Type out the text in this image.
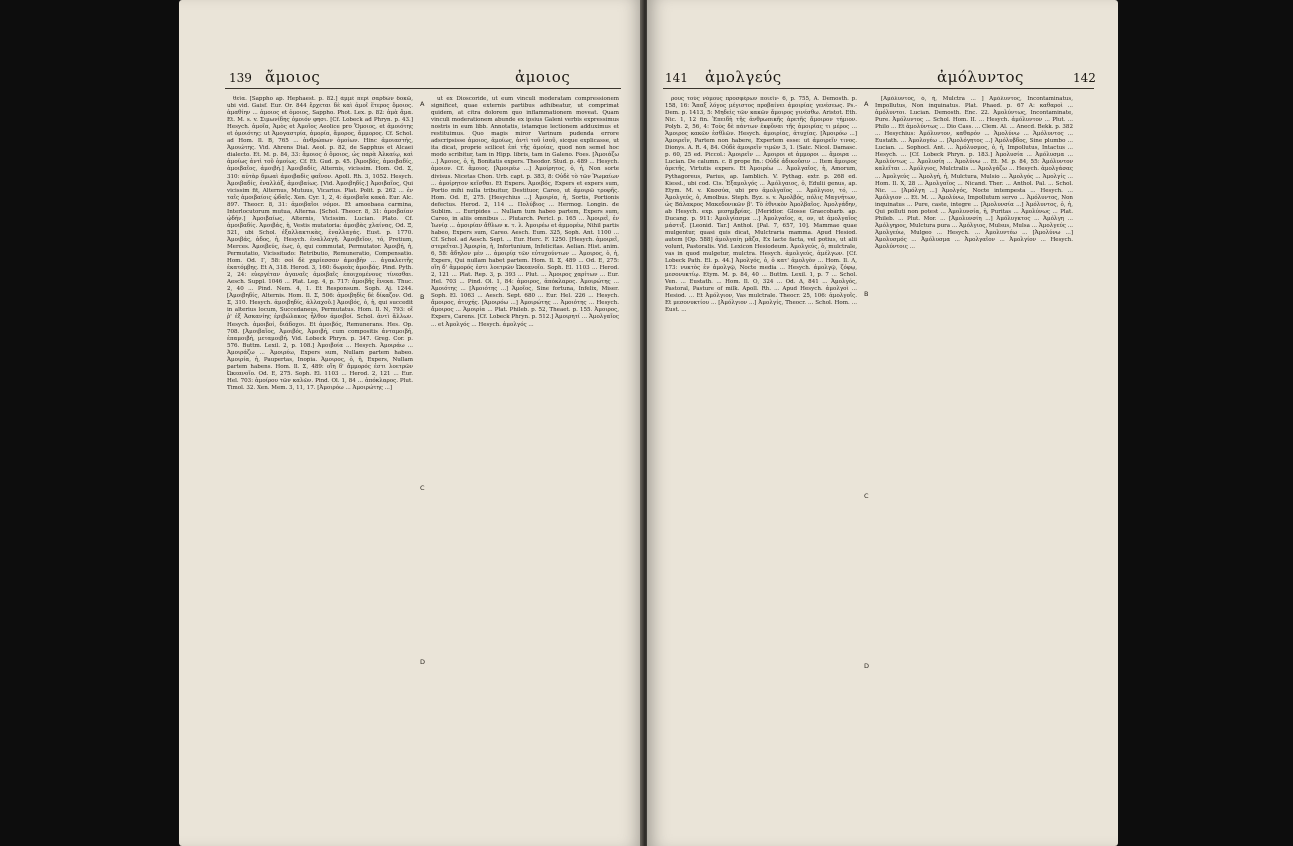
139 ἄμοιος	ἀμοιος

θεῖα. [Sappho ap. Hephaest. p. 82.] ἀμμὲ περὶ σαρδὼν δοκῶ, ubi vid. Gaisf. Eur. Or. 844 ἔρχεται δὲ καὶ ἀμοῖ ἕτερος ὅμοιος. ἀμαθίην ... ἀμοιος et ὁμοιος, Sappho. Phot. Lex. p. 82: ἀμὰ ἅμα. Et. M. s. v. Σιμωνίδης ὁμοιόν φησι. [Cf. Lobeck ad Phryn. p. 43.] Hesych. ἀμοῖα, Ἀμὸς et Ἀμοῖος Aeolice pro Ὅμοιος, et ἀμοιότης et ὁμοιότης: ut Ἀμογαστρία, ἀμορία, ἄμορος, ἄμμορος. Cf. Schol. ad Hom. Il. Β, 765 ... ἀνθρώπων ὁμοίων. Hinc ἀμοιαστής, Ἀμοιώτης. Vid. Ahrens Dial. Aeol. p. 82, de Sapphus et Alcaei dialecto. Et. M. p. 84, 33: ἄμοιος ὁ ὅμοιος, ὡς παρὰ Ἀλκαίῳ, καὶ ἀμοίως ἀντὶ τοῦ ὁμοίως. Cf. Et. Gud. p. 45. [Ἀμοιβάς, ἀμοιβαδίς, ἀμοιβαῖος, ἀμοιβή.] Ἀμοιβαδίς, Alternis, vicissim. Hom. Od. Σ, 310: αὐτὰρ δμωαὶ ἀμοιβαδὶς φαῖνον. Apoll. Rh. 3, 1052. Hesych. Ἀμοιβαδίς, ἐναλλάξ, ἀμοιβαίως. [Vid. Ἀμοιβηδίς.] Ἀμοιβαῖος, Qui vicissim fit, Alternus, Mutuus, Vicarius. Plat. Polit. p. 262 ... ἐν ταῖς ἀμοιβαίοις ᾠδαῖς. Xen. Cyr. 1, 2, 4: ἀμοιβαῖα κακά. Eur. Alc. 897. Theocr. 8, 31: ἀμοιβαῖοι νόμοι. Et amoebaea carmina, Interlocutorum mutua, Alterna. [Schol. Theocr. 8, 31: ἀμοιβαίαν ᾠδήν.] Ἀμοιβαίως, Alternis, Vicissim. Lucian. Plato. Cf. ἀμοιβαδίς. Ἀμοιβάς, ἡ, Vestis mutatoria: ἀμοιβὰς χλαίνας, Od. Ξ, 521, ubi Schol. ἐξαλλακτικὰς, ἐναλλαγάς. Eust. p. 1770. Ἀμοιβάς, ἀδος, ἡ, Hesych. ἐναλλαγή. Ἀμοιβεῖον, τό, Pretium, Merces. Ἀμοιβεύς, έως, ὁ, qui commutat, Permutator. Ἀμοιβή, ἡ, Permutatio, Vicissitudo: Retributio, Remuneratio, Compensatio. Hom. Od. Γ, 58: σοὶ δὲ χαρίεσσαν ἀμοιβὴν ... ἀγακλειτῆς ἑκατόμβης. Et Α, 318. Herod. 3, 160: δωρεὰς ἀμοιβάς. Pind. Pyth. 2, 24: εὐεργέταν ἀγαναῖς ἀμοιβαῖς ἐποιχομένους τίνεσθαι. Aesch. Suppl. 1046 ... Plat. Leg. 4, p. 717: ἀμοιβῆς ἕνεκα. Thuc. 2, 40 ... Pind. Nem. 4, 1. Et Responsum. Soph. Aj. 1244. [Ἀμοιβηδίς, Alternis. Hom. Il. Σ, 506: ἀμοιβηδὶς δὲ δίκαζον. Od. Σ, 310. Hesych. ἀμοιβηδίς, ἀλλαχοῦ.] Ἀμοιβός, ὁ, ἡ, qui succedit in alterius locum, Succedaneus, Permutatus. Hom. Il. Ν, 793: οἳ ῥ' ἐξ Ἀσκανίης ἐριβώλακος ἦλθον ἀμοιβοί. Schol. ἀντὶ ἄλλων. Hesych. ἀμοιβοί, διάδοχοι. Et ἀμοιβός, Remunerans. Hes. Op. 708. [Ἀμοιβαῖος, Ἀμοιβός, Ἀμοιβή, cum compositis ἀνταμοιβή, ἐπαμοιβή, μεταμοιβή. Vid. Lobeck Phryn. p. 347. Greg. Cor. p. 576. Buttm. Lexil. 2, p. 108.] Ἀμοιβοία ... Hesych. Ἀμοιράω ... Ἀμοιράζω ... Ἀμοιρέω, Expers sum, Nullam partem habeo. Ἀμοιρία, ἡ, Paupertas, Inopia. Ἀμοιρος, ὁ, ἡ, Expers, Nullam partem habens. Hom. Il. Σ, 489: οἴη δ' ἄμμορός ἐστι λοετρῶν Ὠκεανοῖο. Od. Ε, 275. Soph. El. 1103 ... Herod. 2, 121 ... Eur. Hel. 703: ἀμοίρου τῶν καλῶν. Pind. Ol. 1, 84 ... ἀπόκλαρος. Plut. Timol. 32. Xen. Mem. 3, 11, 17. [Ἀμοιρόω ... Ἀμοιρώτης ...]

ut ex Dioscoride, ut eum vinculi moderatam compressionem significet, quae externis partibus adhibeatur, ut comprimat quidem, at citra dolorem quo inflammationem moveat. Quam vinculi moderationem abunde ex ipsius Galeni verbis expressimus nostris in eum libb. Annotatis, istamque lectionem adduximus et restituimus. Quo magis miror Varinum pudenda errore adscripsisse ἀμοιος, ἀμοίως, ἀντὶ τοῦ ἰσοῦ, sicque explicasse, ut ita dicat, proprie scilicet ἐπὶ τῆς ἀμοίας, quod non semel hoc modo scribitur, tam in Hipp. libris, tam in Galeno. Foes. [Ἀμοιάζω ...] Ἀμοιος, ὁ, ἡ, Bonitatis expers. Theodor. Stud. p. 489 ... Hesych. ἀμοιον. Cf. ἄμοιος. [Ἀμοιρέω ...] Ἀμοίρητος, ὁ, ἡ, Non sorte divisus. Nicetas Chon. Urb. capt. p. 383, 8: Οὐδὲ τὸ τῶν Ῥωμαίων ... ἀμοίρητον κεῖσθαι. Et Expers. Ἀμοιβός, Expers et expers sum, Portio mihi nulla tribuitur, Destituor, Careo, ut ἀμοιρῶ τροφῆς. Hom. Od. Ε, 275. [Hesychius ...] Ἀμοιρία, ἡ, Sortis, Portionis defectus. Herod. 2, 114 ... Πολύβιος ... Hermog. Longin. de Sublim. ... Euripides ... Nullam tum habeo partem, Expers sum, Careo, in aliis omnibus ... Plutarch. Pericl. p. 165 ... Ἀμοιρεῖ, ἐν Ἰωνίᾳ ... ἀμοιρίαν ἄθλων κ. τ. λ. Ἀμοιρέω et ἀμμορέω, Nihil partis habeo, Expers sum, Careo. Aesch. Eum. 325, Soph. Ant. 1100 ... Cf. Schol. ad Aesch. Sept. ... Eur. Herc. F. 1250. [Hesych. ἀμοιρεῖ, στερεῖται.] Ἀμοιρία, ἡ, Infortunium, Infelicitas. Aelian. Hist. anim. 6, 58: ἄδηλον μὲν ... ἀμοιρίᾳ τῶν εὐτυχούντων ... Ἀμοιρος, ὁ, ἡ, Expers, Qui nullam habet partem. Hom. Il. Σ, 489 ... Od. Ε, 275: οἴη δ' ἄμμορός ἐστι λοετρῶν Ὠκεανοῖο. Soph. El. 1103 ... Herod. 2, 121 ... Plat. Rep. 3, p. 393 ... Plut. ... Ἀμοιρος χαρίτων ... Eur. Hel. 703 ... Pind. Ol. 1, 84: ἀμοιρος, ἀπόκλαρος. Ἀμοιρώτης ... Ἀμοιότης ... [Ἀμοιότης ...] Ἀμοῖος, Sine fortuna, Infelix, Miser. Soph. El. 1063 ... Aesch. Sept. 680 ... Eur. Hel. 226 ... Hesych. ἄμοιρος, ἀτυχής. [Ἀμοιρόω ...] Ἀμοιρώτης ... Ἀμοιότης ... Hesych. ἄμοιρος ... Ἀμοιρία ... Plat. Phileb. p. 52, Theaet. p. 155. Ἀμοιρος, Expers, Carens. [Cf. Lobeck Phryn. p. 512.] Ἀμοιρητί ... Ἀμολγαῖος ... et Ἀμολγός ... Hesych. ἀμολγός ...

A
B
C
D
141 ἀμολγεύς	ἀμόλυντος	142

ρους τοὺς νόμους προσφέρων ποιεῖν· 6, p. 755, A. Demosth. p. 158, 16: Ἅπαξ λόγος μέγιστος προβαίνει ἀμοιρίας γενέσεως. Ps.-Dem. p. 1413, 5: Μηδεὶς τῶν κακῶν ἄμοιρος γινέσθω. Aristot. Eth. Nic. 1, 12 fin. Ἐπειδὴ τῆς ἀνθρωπικῆς ἀρετῆς ἄμοιρον τήμιον. Polyb. 2, 56, 4: Τοὺς δὲ πάντων ἐκφῦναι τῆς ἀμοιρίας τι μέρος ... Ἄμοιρος κακῶν ἐσθλῶν. Hesych. ἀμοιρίας, ἀτυχίας. [Ἀμοιρόω ...] Ἀμοιρεῖν, Partem non habere, Expertem esse: ut ἀμοιρεῖν τινος. Dionys. A. R. 4, 84. Οὐδὲ ἀμοιρεῖν τιμῶν 3, 1. (Saic. Nicol. Damasc. p. 60, 25 ed. Piccol.: Ἀμοιρεῖν ... Ἀμοιροι et ἀμμοροι ... ἄμοιρα ... Lucian. De calumn. c. 8 prope fin.: Οὐδὲ ἀδικοῦσιν ... Item ἄμοιρος ἀρετῆς, Virtutis expers. Et Ἀμοιρέω ... Ἀμολγαῖος, ἡ, Amorum, Pythagoreus, Parius, ap. Iamblich. V. Pythag. extr. p. 268 ed. Kiessl., ubi cod. Cis. Ἐξαμολγός ... Ἀμόλγαιος, ὁ, Edulii genus, ap. Etym. M. v. Κασσύα, ubi pro ἀμολγαῖος ... Ἀμόλγιον, τό, ... Ἀμολγεύς, ὁ, Amolbus. Steph. Byz. s. v. Ἀμολβός, πόλις Μαγνήτων, ὡς Βάλακρος Μακεδονικῶν β'. Τὸ ἐθνικὸν Ἀμολβαῖος. Ἀμολγάδην, ab Hesych. exp. μεσημβρίας. [Meridior. Glosse Graecobarb. ap. Ducang. p. 911: Ἀμολγίασμα ...] Ἀμολγαῖος, α, ον, ut ἀμολγαῖος μάστιξ. [Leonid. Tar.] Anthol. [Pal. 7, 657, 10]. Mammae quae mulgentur, quasi quis dicat, Mulctraria mamma. Apud Hesiod. autem [Op. 588] ἀμολγαίη μᾶζα, Ex lacte facta, vel potius, ut alii volunt, Pastoralis. Vid. Lexicon Hesiodeum. Ἀμολγεύς, ὁ, mulctrale, vas in quod mulgetur, mulctra. Hesych. ἀμολγεύς, ἀμέλγων. [Cf. Lobeck Path. El. p. 44.] Ἀμολγός, ὁ, ὁ κατ' ἀμολγὸν ... Hom. Il. Λ, 173: νυκτὸς ἐν ἀμολγῷ, Nocte media ... Hesych. ἀμολγῷ, ζόφῳ, μεσονυκτίῳ. Etym. M. p. 84, 40 ... Buttm. Lexil. 1, p. 7 ... Schol. Ven. ... Eustath. ... Hom. Il. Ο, 324 ... Od. Δ, 841 ... Ἀμολγός, Pastoral, Pasture of milk. Apoll. Rh. ... Apud Hesych. ἀμολγοὶ ... Hesiod. ... Et Ἀμόλγιον, Vas mulctrale. Theocr. 25, 106: ἀμολγοῖς. Et μεσονυκτίου ... [Ἀμόλγιον ...] Ἀμολγίς, Theocr. ... Schol. Hom. ... Eust. ...

[Ἀμόλυντος, ὁ, ἡ, Mulctra ... ] Ἀμόλυντος, Incontaminatus, Impollutus, Non inquinatus. Plat. Phaed. p. 67 A: καθαροὶ ... ἀμόλυντοι. Lucian. Demosth. Enc. 22. Ἀμολύντως, Incontaminate, Pure. Ἀμόλυντος ... Schol. Hom. II. ... Hesych. ἀμόλυντον ... Plut. ... Philo ... Et ἀμολύντως ... Dio Cass. ... Clem. Al. ... Anecd. Bekk. p. 382 ... Hesychius: Ἀμόλυντον, καθαρόν ... Ἀμολύνω ... Ἀμόλυντος ... Eustath. ... Ἀμολογέω ... [Ἀμολόγητος ...] Ἀμόλυβδος, Sine plumbo ... Lucian. ... Sophocl. Ant. ... Ἀμόλυσμος, ὁ, ἡ, Impollutus, Intactus ... Hesych. ... [Cf. Lobeck Phryn. p. 183.] Ἀμολυσία ... Ἀμόλυσμα ... Ἀμολύντως ... Ἀμολυσίη ... Ἀμολύνω ... Et. M. p. 84, 55: Ἀμόλυντον καλεῖται ... Ἀμόλγιος, Mulctralis ... Ἀμολγάζω ... Hesych. ἀμολγάσας ... Ἀμολγεύς ... Ἀμολγή, ἡ, Mulctura, Mulsio ... Ἀμολγός ... Ἀμολγίς ... Hom. Il. Χ, 28 ... Ἀμολγαῖος ... Nicand. Ther. ... Anthol. Pal. ... Schol. Nic. ... [Ἀμόλγη ...] Ἀμολγός, Nocte intempesta ... Hesych. ... Ἀμόλγιον ... Et. M. ... Ἀμολύνω, Impollutum servo ... Ἀμόλυντος, Non inquinatus ... Pure, caste, integre ... [Ἀμολυνσία ...] Ἀμόλυντος, ὁ, ἡ, Qui polluti non potest ... Ἀμολυνσία, ἡ, Puritas ... Ἀμολύνως ... Plat. Phileb. ... Plut. Mor. ... [Ἀμολυνσίη ...] Ἀμόλυγκτος ... Ἀμόλγη ... Ἀμόλγηρος, Mulctura pura ... Ἀμόλγιος, Mulsus, Mulsa ... Ἀμολγεύς ... Ἀμολγεύω, Mulgeo ... Hesych. ... Ἀμολυντέω ... [Ἀμολύνω ...] Ἀμολυσμός ... Ἀμόλυσμα ... Ἀμολγαῖον ... Ἀμολγίον ... Hesych. Ἀμολύντοις ...

A
B
C
D
